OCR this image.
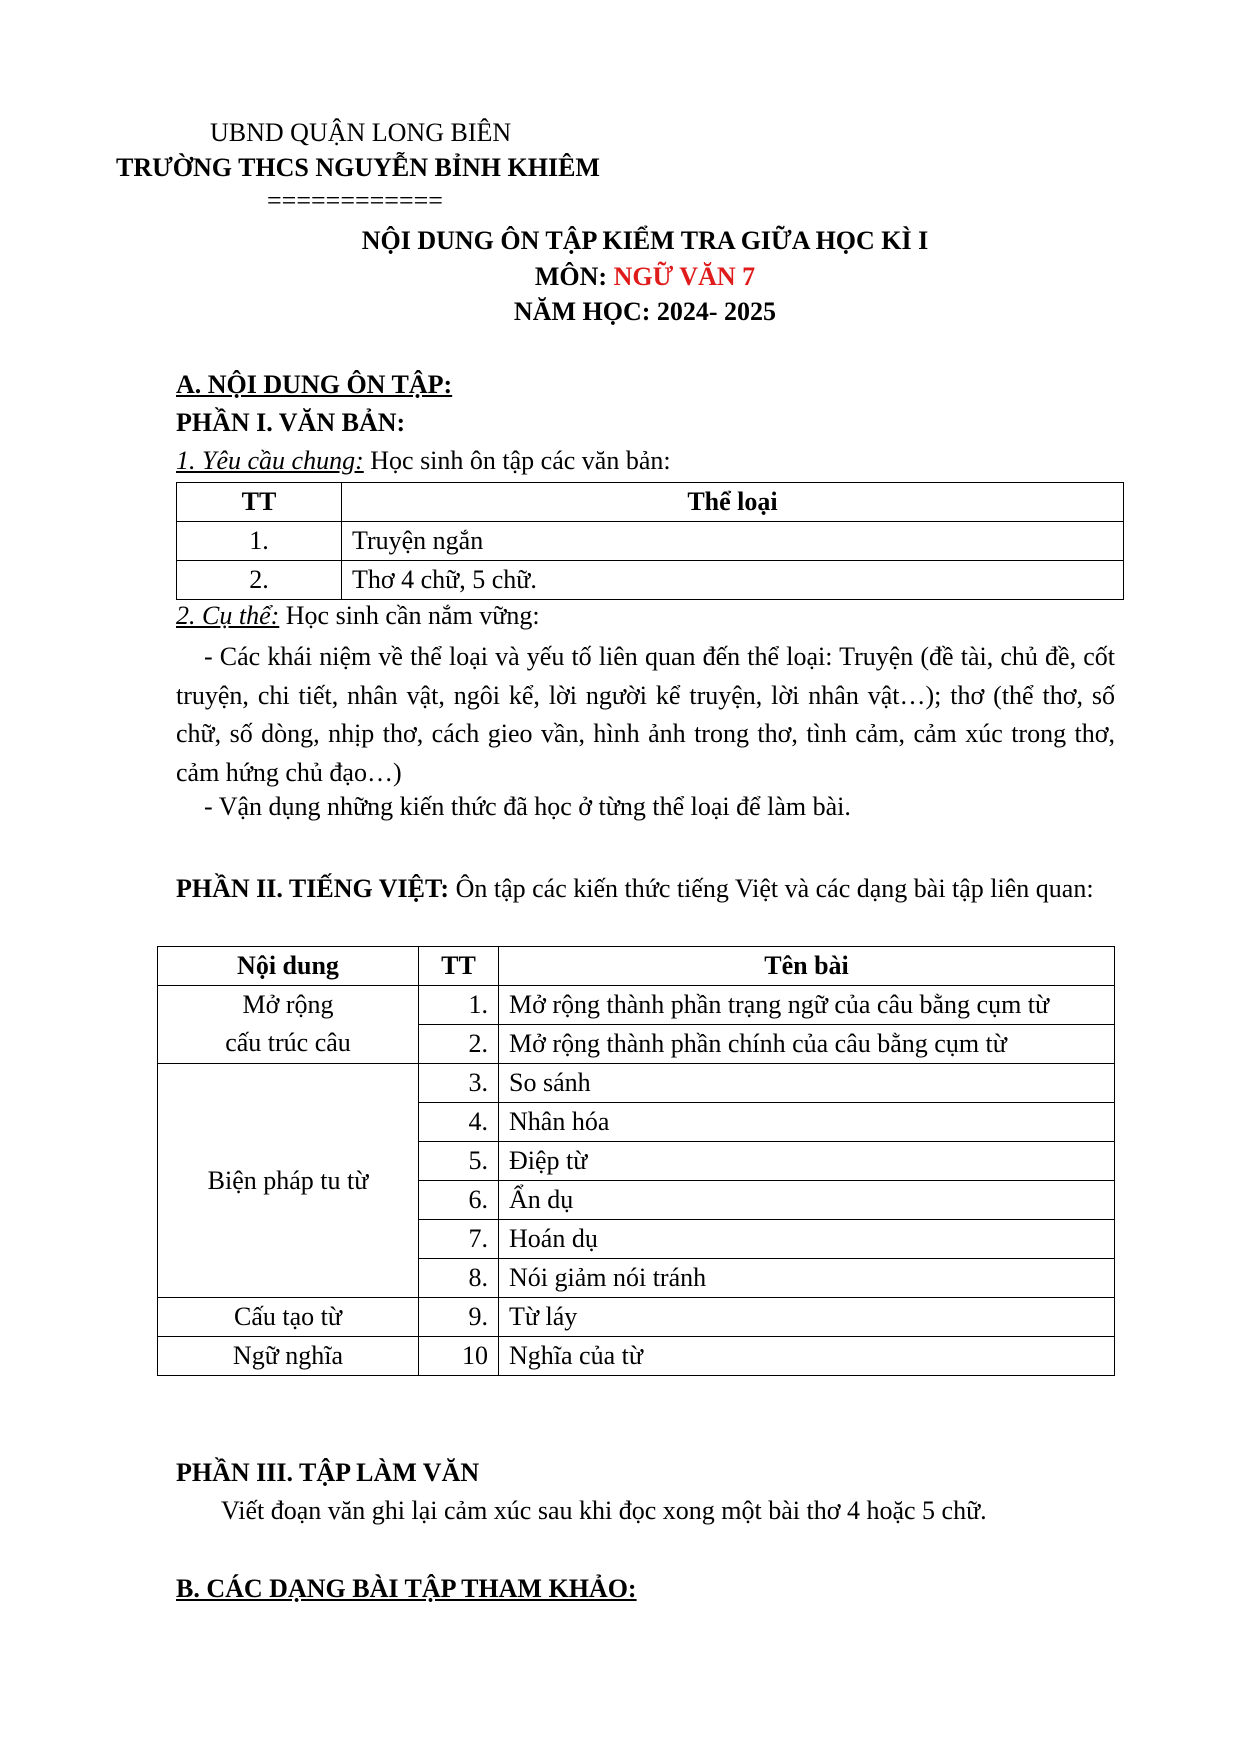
UBND QUẬN LONG BIÊN
TRƯỜNG THCS NGUYỄN BỈNH KHIÊM
============
NỘI DUNG ÔN TẬP KIỂM TRA GIỮA HỌC KÌ I
MÔN: NGỮ VĂN 7
NĂM HỌC: 2024- 2025
A. NỘI DUNG ÔN TẬP:
PHẦN I. VĂN BẢN:
1. Yêu cầu chung: Học sinh ôn tập các văn bản:
TT	Thể loại
1.	Truyện ngắn
2.	Thơ 4 chữ, 5 chữ.
2. Cụ thể: Học sinh cần nắm vững:
- Các khái niệm về thể loại và yếu tố liên quan đến thể loại: Truyện (đề tài, chủ đề, cốt truyện, chi tiết, nhân vật, ngôi kể, lời người kể truyện, lời nhân vật…); thơ (thể thơ, số chữ, số dòng, nhịp thơ, cách gieo vần, hình ảnh trong thơ, tình cảm, cảm xúc trong thơ, cảm hứng chủ đạo…)
- Vận dụng những kiến thức đã học ở từng thể loại để làm bài.
PHẦN II. TIẾNG VIỆT: Ôn tập các kiến thức tiếng Việt và các dạng bài tập liên quan:
Nội dung	TT	Tên bài
Mở rộng
cấu trúc câu	1.	Mở rộng thành phần trạng ngữ của câu bằng cụm từ
	2.	Mở rộng thành phần chính của câu bằng cụm từ
Biện pháp tu từ	3.	So sánh
	4.	Nhân hóa
	5.	Điệp từ
	6.	Ẩn dụ
	7.	Hoán dụ
	8.	Nói giảm nói tránh
Cấu tạo từ	9.	Từ láy
Ngữ nghĩa	10	Nghĩa của từ
PHẦN III. TẬP LÀM VĂN
Viết đoạn văn ghi lại cảm xúc sau khi đọc xong một bài thơ 4 hoặc 5 chữ.
B. CÁC DẠNG BÀI TẬP THAM KHẢO:
